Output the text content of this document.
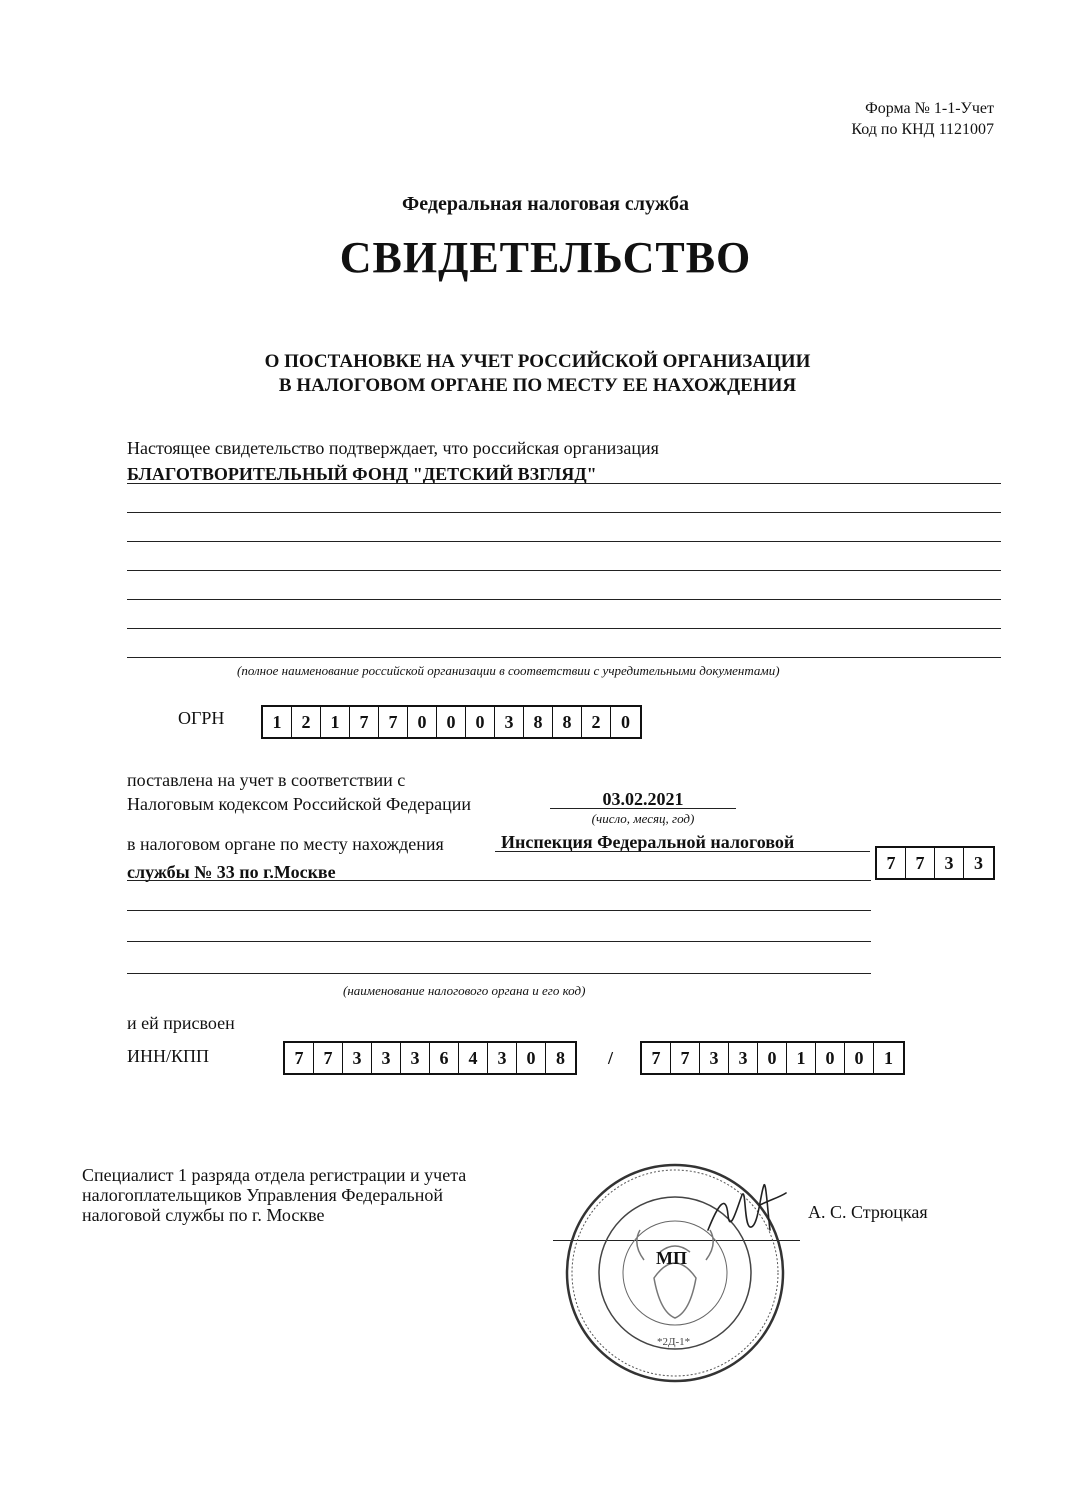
Форма № 1-1-Учет
Код по КНД 1121007
Федеральная налоговая служба
СВИДЕТЕЛЬСТВО
О ПОСТАНОВКЕ НА УЧЕТ РОССИЙСКОЙ ОРГАНИЗАЦИИ
В НАЛОГОВОМ ОРГАНЕ ПО МЕСТУ ЕЕ НАХОЖДЕНИЯ
Настоящее свидетельство подтверждает, что российская организация
БЛАГОТВОРИТЕЛЬНЫЙ ФОНД "ДЕТСКИЙ ВЗГЛЯД"
(полное наименование российской организации в соответствии с учредительными документами)
ОГРН	1	2	1	7	7	0	0	0	3	8	8	2	0
поставлена на учет в соответствии с
Налоговым кодексом Российской Федерации	03.02.2021
(число, месяц, год)
в налоговом органе по месту нахождения	Инспекция Федеральной налоговой
службы № 33 по г.Москве	7	7	3	3
(наименование налогового органа и его код)
и ей присвоен
ИНН/КПП	7	7	3	3	3	6	4	3	0	8	/	7	7	3	3	0	1	0	0	1
Специалист 1 разряда отдела регистрации и учета
налогоплательщиков Управления Федеральной
налоговой службы по г. Москве	А. С. Стрюцкая
МП
*2Д-1*
